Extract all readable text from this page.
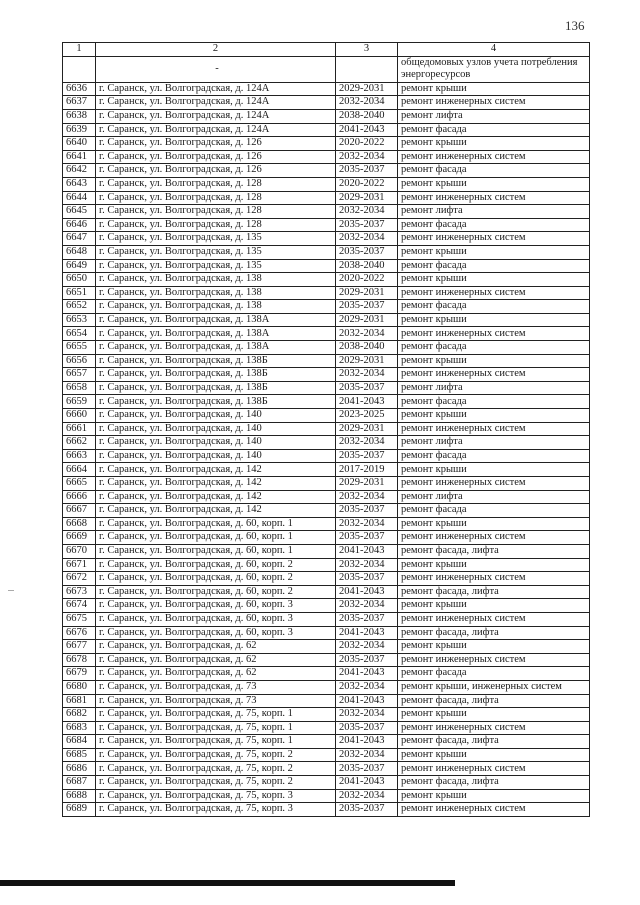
136
1	2	3	4
	-		общедомовых узлов учета потребления энергоресурсов
6636	г. Саранск, ул. Волгоградская, д. 124А	2029-2031	ремонт крыши
6637	г. Саранск, ул. Волгоградская, д. 124А	2032-2034	ремонт инженерных систем
6638	г. Саранск, ул. Волгоградская, д. 124А	2038-2040	ремонт лифта
6639	г. Саранск, ул. Волгоградская, д. 124А	2041-2043	ремонт фасада
6640	г. Саранск, ул. Волгоградская, д. 126	2020-2022	ремонт крыши
6641	г. Саранск, ул. Волгоградская, д. 126	2032-2034	ремонт инженерных систем
6642	г. Саранск, ул. Волгоградская, д. 126	2035-2037	ремонт фасада
6643	г. Саранск, ул. Волгоградская, д. 128	2020-2022	ремонт крыши
6644	г. Саранск, ул. Волгоградская, д. 128	2029-2031	ремонт инженерных систем
6645	г. Саранск, ул. Волгоградская, д. 128	2032-2034	ремонт лифта
6646	г. Саранск, ул. Волгоградская, д. 128	2035-2037	ремонт фасада
6647	г. Саранск, ул. Волгоградская, д. 135	2032-2034	ремонт инженерных систем
6648	г. Саранск, ул. Волгоградская, д. 135	2035-2037	ремонт крыши
6649	г. Саранск, ул. Волгоградская, д. 135	2038-2040	ремонт фасада
6650	г. Саранск, ул. Волгоградская, д. 138	2020-2022	ремонт крыши
6651	г. Саранск, ул. Волгоградская, д. 138	2029-2031	ремонт инженерных систем
6652	г. Саранск, ул. Волгоградская, д. 138	2035-2037	ремонт фасада
6653	г. Саранск, ул. Волгоградская, д. 138А	2029-2031	ремонт крыши
6654	г. Саранск, ул. Волгоградская, д. 138А	2032-2034	ремонт инженерных систем
6655	г. Саранск, ул. Волгоградская, д. 138А	2038-2040	ремонт фасада
6656	г. Саранск, ул. Волгоградская, д. 138Б	2029-2031	ремонт крыши
6657	г. Саранск, ул. Волгоградская, д. 138Б	2032-2034	ремонт инженерных систем
6658	г. Саранск, ул. Волгоградская, д. 138Б	2035-2037	ремонт лифта
6659	г. Саранск, ул. Волгоградская, д. 138Б	2041-2043	ремонт фасада
6660	г. Саранск, ул. Волгоградская, д. 140	2023-2025	ремонт крыши
6661	г. Саранск, ул. Волгоградская, д. 140	2029-2031	ремонт инженерных систем
6662	г. Саранск, ул. Волгоградская, д. 140	2032-2034	ремонт лифта
6663	г. Саранск, ул. Волгоградская, д. 140	2035-2037	ремонт фасада
6664	г. Саранск, ул. Волгоградская, д. 142	2017-2019	ремонт крыши
6665	г. Саранск, ул. Волгоградская, д. 142	2029-2031	ремонт инженерных систем
6666	г. Саранск, ул. Волгоградская, д. 142	2032-2034	ремонт лифта
6667	г. Саранск, ул. Волгоградская, д. 142	2035-2037	ремонт фасада
6668	г. Саранск, ул. Волгоградская, д. 60, корп. 1	2032-2034	ремонт крыши
6669	г. Саранск, ул. Волгоградская, д. 60, корп. 1	2035-2037	ремонт инженерных систем
6670	г. Саранск, ул. Волгоградская, д. 60, корп. 1	2041-2043	ремонт фасада, лифта
6671	г. Саранск, ул. Волгоградская, д. 60, корп. 2	2032-2034	ремонт крыши
6672	г. Саранск, ул. Волгоградская, д. 60, корп. 2	2035-2037	ремонт инженерных систем
6673	г. Саранск, ул. Волгоградская, д. 60, корп. 2	2041-2043	ремонт фасада, лифта
6674	г. Саранск, ул. Волгоградская, д. 60, корп. 3	2032-2034	ремонт крыши
6675	г. Саранск, ул. Волгоградская, д. 60, корп. 3	2035-2037	ремонт инженерных систем
6676	г. Саранск, ул. Волгоградская, д. 60, корп. 3	2041-2043	ремонт фасада, лифта
6677	г. Саранск, ул. Волгоградская, д. 62	2032-2034	ремонт крыши
6678	г. Саранск, ул. Волгоградская, д. 62	2035-2037	ремонт инженерных систем
6679	г. Саранск, ул. Волгоградская, д. 62	2041-2043	ремонт фасада
6680	г. Саранск, ул. Волгоградская, д. 73	2032-2034	ремонт крыши, инженерных систем
6681	г. Саранск, ул. Волгоградская, д. 73	2041-2043	ремонт фасада, лифта
6682	г. Саранск, ул. Волгоградская, д. 75, корп. 1	2032-2034	ремонт крыши
6683	г. Саранск, ул. Волгоградская, д. 75, корп. 1	2035-2037	ремонт инженерных систем
6684	г. Саранск, ул. Волгоградская, д. 75, корп. 1	2041-2043	ремонт фасада, лифта
6685	г. Саранск, ул. Волгоградская, д. 75, корп. 2	2032-2034	ремонт крыши
6686	г. Саранск, ул. Волгоградская, д. 75, корп. 2	2035-2037	ремонт инженерных систем
6687	г. Саранск, ул. Волгоградская, д. 75, корп. 2	2041-2043	ремонт фасада, лифта
6688	г. Саранск, ул. Волгоградская, д. 75, корп. 3	2032-2034	ремонт крыши
6689	г. Саранск, ул. Волгоградская, д. 75, корп. 3	2035-2037	ремонт инженерных систем
